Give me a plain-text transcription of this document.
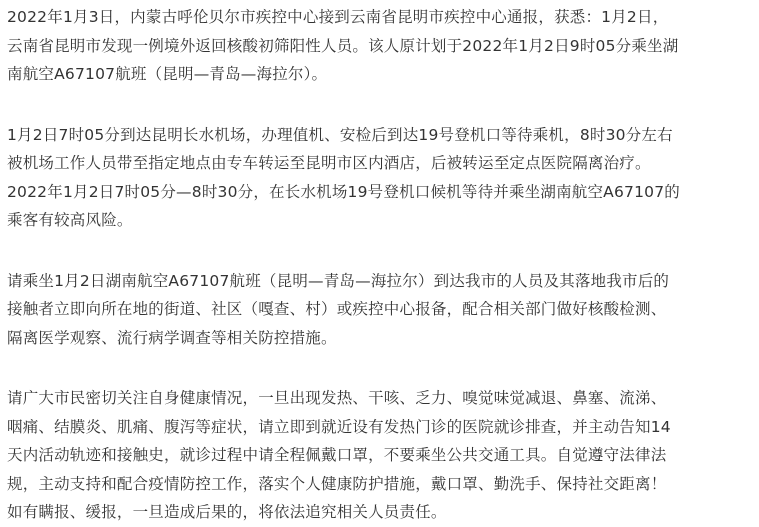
2022年1月3日，内蒙古呼伦贝尔市疾控中心接到云南省昆明市疾控中心通报，获悉：1月2日，
云南省昆明市发现一例境外返回核酸初筛阳性人员。该人原计划于2022年1月2日9时05分乘坐湖
南航空A67107航班（昆明—青岛—海拉尔）。

1月2日7时05分到达昆明长水机场，办理值机、安检后到达19号登机口等待乘机，8时30分左右
被机场工作人员带至指定地点由专车转运至昆明市区内酒店，后被转运至定点医院隔离治疗。
2022年1月2日7时05分—8时30分，在长水机场19号登机口候机等待并乘坐湖南航空A67107的
乘客有较高风险。

请乘坐1月2日湖南航空A67107航班（昆明—青岛—海拉尔）到达我市的人员及其落地我市后的
接触者立即向所在地的街道、社区（嘎查、村）或疾控中心报备，配合相关部门做好核酸检测、
隔离医学观察、流行病学调查等相关防控措施。

请广大市民密切关注自身健康情况，一旦出现发热、干咳、乏力、嗅觉味觉减退、鼻塞、流涕、
咽痛、结膜炎、肌痛、腹泻等症状，请立即到就近设有发热门诊的医院就诊排查，并主动告知14
天内活动轨迹和接触史，就诊过程中请全程佩戴口罩，不要乘坐公共交通工具。自觉遵守法律法
规，主动支持和配合疫情防控工作，落实个人健康防护措施，戴口罩、勤洗手、保持社交距离！
如有瞒报、缓报，一旦造成后果的，将依法追究相关人员责任。
